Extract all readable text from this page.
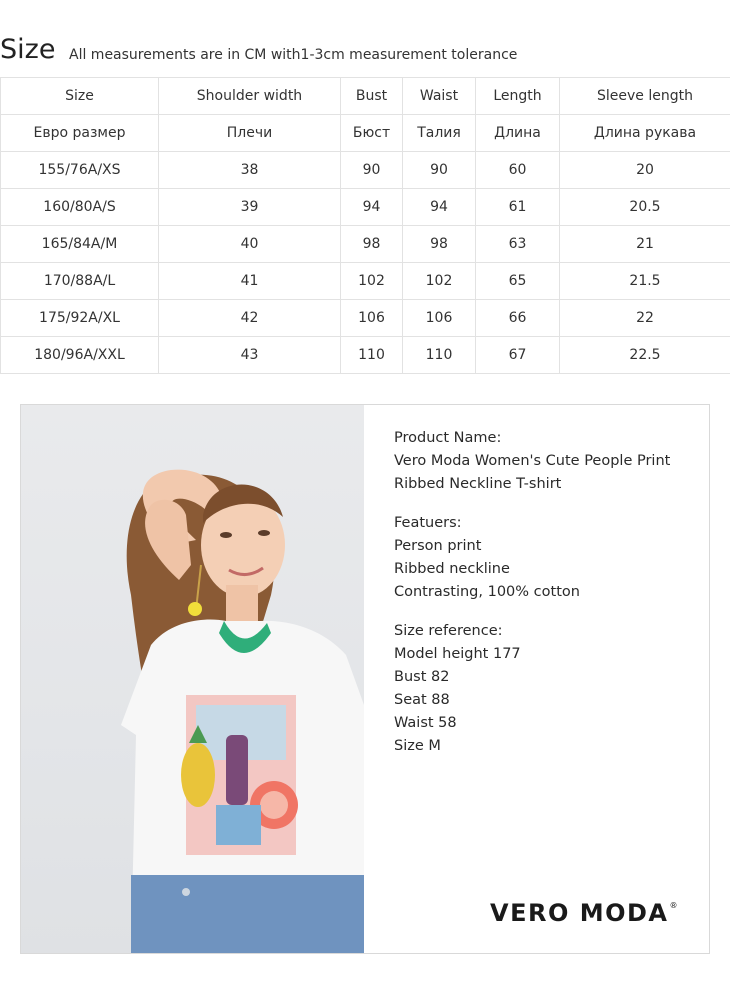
Size All measurements are in CM with1-3cm measurement tolerance
Size	Shoulder width	Bust	Waist	Length	Sleeve length
Евро размер	Плечи	Бюст	Талия	Длина	Длина рукава
155/76A/XS	38	90	90	60	20
160/80A/S	39	94	94	61	20.5
165/84A/M	40	98	98	63	21
170/88A/L	41	102	102	65	21.5
175/92A/XL	42	106	106	66	22
180/96A/XXL	43	110	110	67	22.5
Product Name:
Vero Moda Women's Cute People Print
Ribbed Neckline T-shirt
Featuers:
Person print
Ribbed neckline
Contrasting, 100% cotton
Size reference:
Model height 177
Bust 82
Seat 88
Waist 58
Size M
VERO MODA®
